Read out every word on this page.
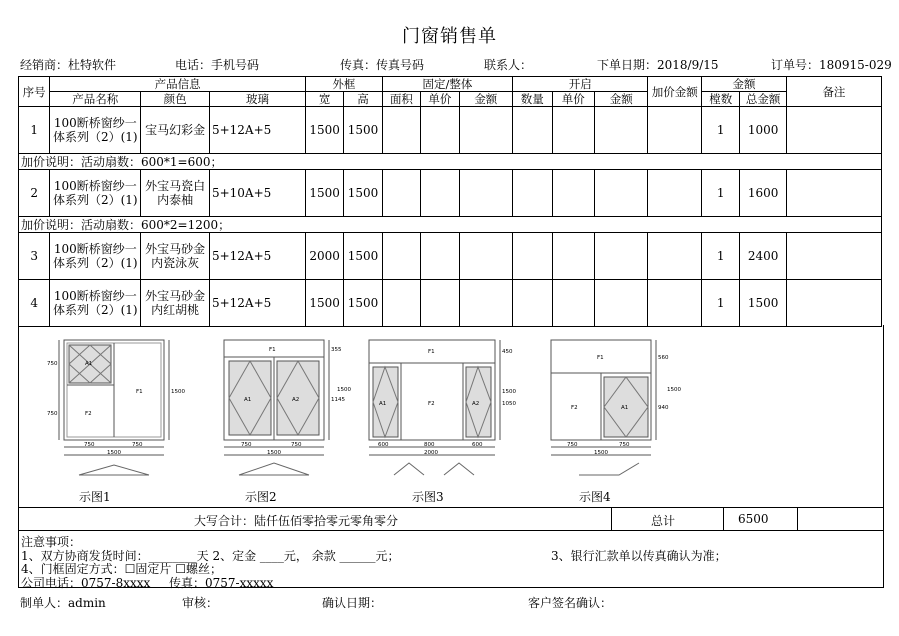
门窗销售单
经销商：杜特软件	电话：手机号码	传真：传真号码	联系人：	下单日期：2018/9/15	订单号：180915-029
序号	产品信息			外框		固定/整体			开启			加价金额	金额		备注
	产品名称	颜色	玻璃	宽	高	面积	单价	金额	数量	单价	金额		樘数	总金额	
1	100断桥窗纱一体系列（2）(1)	宝马幻彩金	5+12A+5	1500	1500								1	1000	
加价说明：活动扇数：600*1=600；															
2	100断桥窗纱一体系列（2）(1)	外宝马瓷白内泰柚	5+10A+5	1500	1500								1	1600	
加价说明：活动扇数：600*2=1200；															
3	100断桥窗纱一体系列（2）(1)	外宝马砂金内瓷泳灰	5+12A+5	2000	1500								1	2400	
4	100断桥窗纱一体系列（2）(1)	外宝马砂金内红胡桃	5+12A+5	1500	1500								1	1500	
A1
F1
F2
750
750
1500
750	750
1500
F1
A1	A2
355
1145
1500
750	750
1500
F1
A1	F2	A2
450
1050
1500
600	800	600
2000
F1
F2	A1
560
940
1500
750	750
1500
示图1	示图2	示图3	示图4
大写合计：陆仟伍佰零拾零元零角零分	总计	6500
注意事项：
1、双方协商发货时间：________天 2、定金 ____元， 余款 ______元；	3、银行汇款单以传真确认为准；
4、门框固定方式：☐固定片 ☐螺丝；
公司电话：0757-8xxxx 传真：0757-xxxxx
制单人：admin	审核：	确认日期：	客户签名确认：
